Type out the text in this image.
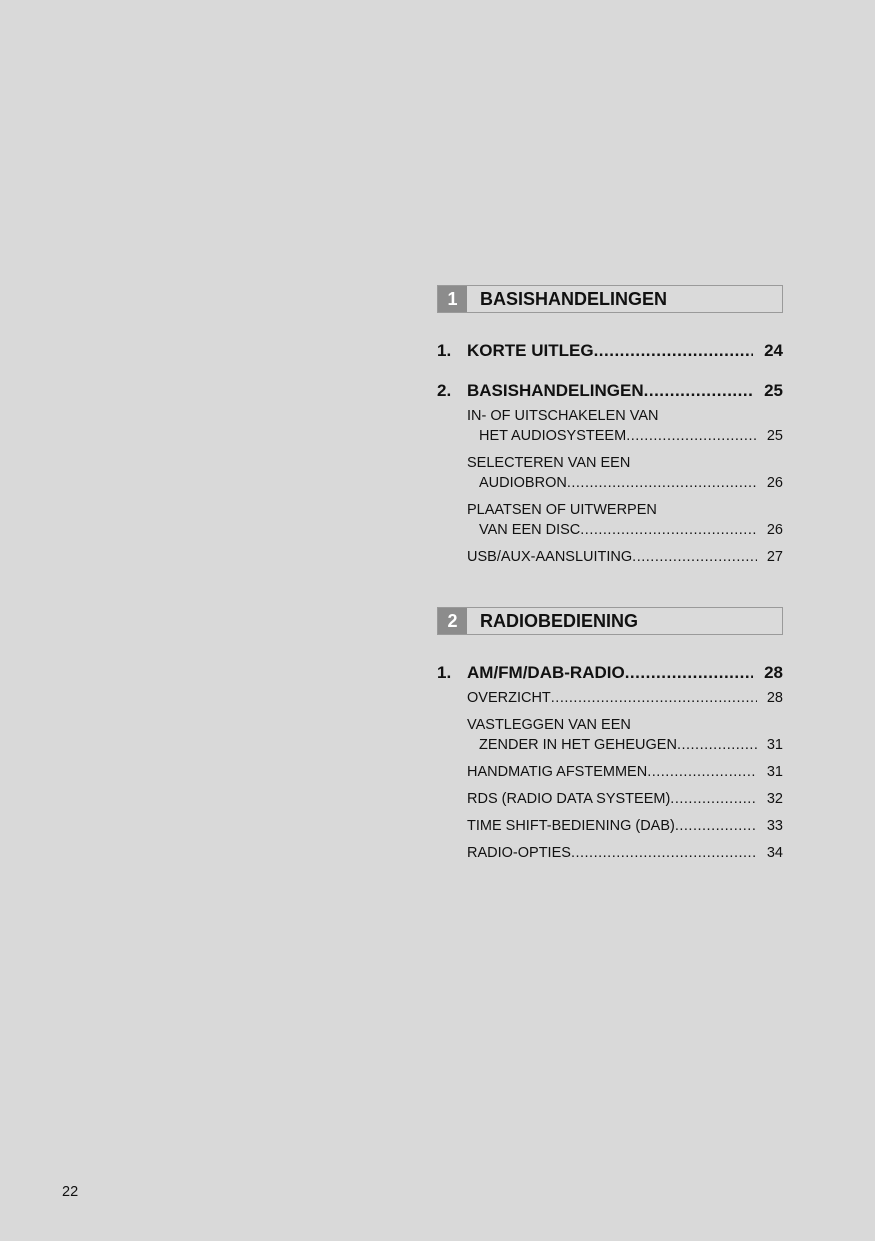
1	BASISHANDELINGEN
1. KORTE UITLEG .....	24
2. BASISHANDELINGEN .....	25
IN- OF UITSCHAKELEN VAN
HET AUDIOSYSTEEM .....	25
SELECTEREN VAN EEN
AUDIOBRON .....	26
PLAATSEN OF UITWERPEN
VAN EEN DISC .....	26
USB/AUX-AANSLUITING .....	27
2	RADIOBEDIENING
1. AM/FM/DAB-RADIO .....	28
OVERZICHT .....	28
VASTLEGGEN VAN EEN
ZENDER IN HET GEHEUGEN .....	31
HANDMATIG AFSTEMMEN .....	31
RDS (RADIO DATA SYSTEEM) .....	32
TIME SHIFT-BEDIENING (DAB) .....	33
RADIO-OPTIES .....	34
22
